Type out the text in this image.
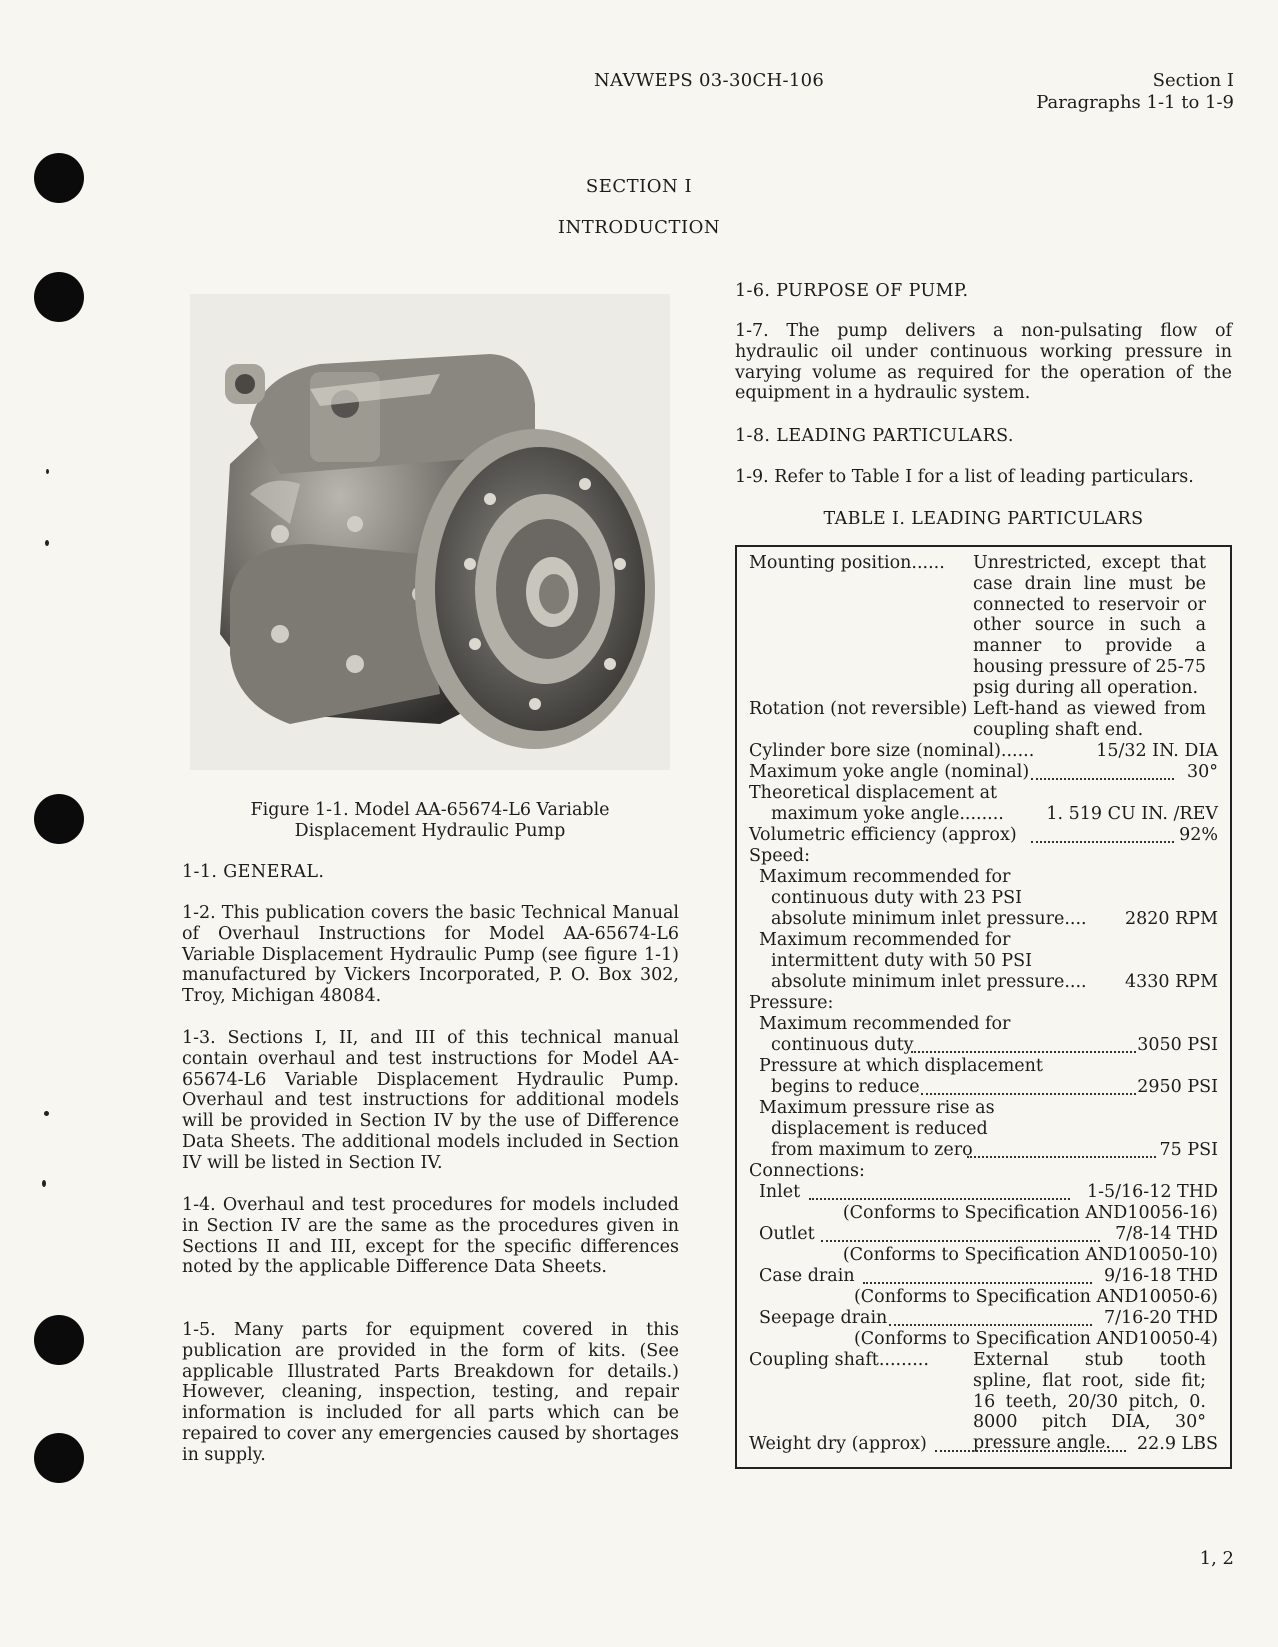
NAVWEPS 03-30CH-106	Section I
Paragraphs 1-1 to 1-9
SECTION I
INTRODUCTION
Figure 1-1. Model AA-65674-L6 Variable
Displacement Hydraulic Pump
1-1. GENERAL.
1-2. This publication covers the basic Technical Manual of Overhaul Instructions for Model AA-65674-L6 Variable Displacement Hydraulic Pump (see figure 1-1) manufactured by Vickers Incorporated, P. O. Box 302, Troy, Michigan 48084.
1-3. Sections I, II, and III of this technical manual contain overhaul and test instructions for Model AA-65674-L6 Variable Displacement Hydraulic Pump. Overhaul and test instructions for additional models will be provided in Section IV by the use of Difference Data Sheets. The additional models included in Section IV will be listed in Section IV.
1-4. Overhaul and test procedures for models included in Section IV are the same as the procedures given in Sections II and III, except for the specific differences noted by the applicable Difference Data Sheets.
1-5. Many parts for equipment covered in this publication are provided in the form of kits. (See applicable Illustrated Parts Breakdown for details.) However, cleaning, inspection, testing, and repair information is included for all parts which can be repaired to cover any emergencies caused by shortages in supply.
1-6. PURPOSE OF PUMP.
1-7. The pump delivers a non-pulsating flow of hydraulic oil under continuous working pressure in varying volume as required for the operation of the equipment in a hydraulic system.
1-8. LEADING PARTICULARS.
1-9. Refer to Table I for a list of leading particulars.
TABLE I. LEADING PARTICULARS
Mounting position...... Unrestricted, except that case drain line must be connected to reservoir or other source in such a manner to provide a housing pressure of 25-75 psig during all operation.
Rotation (not reversible) Left-hand as viewed from coupling shaft end.
Cylinder bore size (nominal)......	15/32 IN. DIA
Maximum yoke angle (nominal)	30°
Theoretical displacement at
maximum yoke angle........ 1. 519 CU IN. /REV
Volumetric efficiency (approx)	92%
Speed:
Maximum recommended for
continuous duty with 23 PSI
absolute minimum inlet pressure.... 2820 RPM
Maximum recommended for
intermittent duty with 50 PSI
absolute minimum inlet pressure.... 4330 RPM
Pressure:
Maximum recommended for
continuous duty	3050 PSI
Pressure at which displacement
begins to reduce	2950 PSI
Maximum pressure rise as
displacement is reduced
from maximum to zero	75 PSI
Connections:
Inlet	1-5/16-12 THD
(Conforms to Specification AND10056-16)
Outlet	7/8-14 THD
(Conforms to Specification AND10050-10)
Case drain	9/16-18 THD
(Conforms to Specification AND10050-6)
Seepage drain	7/16-20 THD
(Conforms to Specification AND10050-4)
Coupling shaft.........	External stub tooth spline, flat root, side fit; 16 teeth, 20/30 pitch, 0. 8000 pitch DIA, 30° pressure angle.
Weight dry (approx)	22.9 LBS
1, 2
